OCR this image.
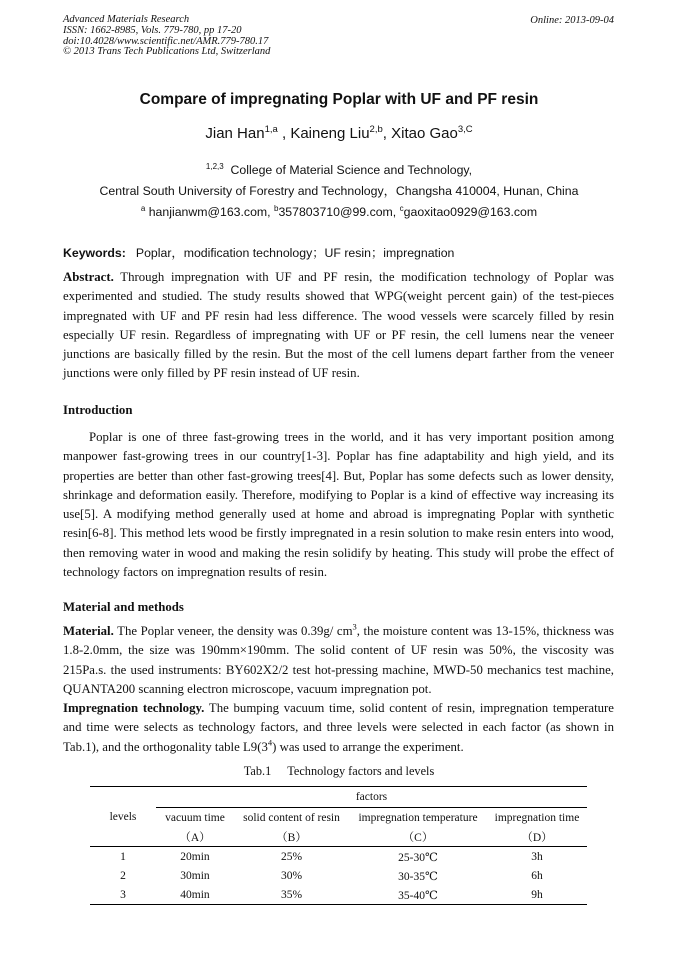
Advanced Materials Research
ISSN: 1662-8985, Vols. 779-780, pp 17-20
doi:10.4028/www.scientific.net/AMR.779-780.17
© 2013 Trans Tech Publications Ltd, Switzerland
Online: 2013-09-04
Compare of impregnating Poplar with UF and PF resin
Jian Han$^{1,a}$ , Kaineng Liu$^{2,b}$, Xitao Gao$^{3,C}$
$^{1,2,3}$ College of Material Science and Technology,
Central South University of Forestry and Technology，Changsha 410004, Hunan, China
$^a$ hanjianwm@163.com, $^b$357803710@99.com, $^c$gaoxitao0929@163.com
Keywords: Poplar，modification technology；UF resin；impregnation
Abstract. Through impregnation with UF and PF resin, the modification technology of Poplar was experimented and studied. The study results showed that WPG(weight percent gain) of the test-pieces impregnated with UF and PF resin had less difference. The wood vessels were scarcely filled by resin especially UF resin. Regardless of impregnating with UF or PF resin, the cell lumens near the veneer junctions are basically filled by the resin. But the most of the cell lumens depart farther from the veneer junctions were only filled by PF resin instead of UF resin.
Introduction
Poplar is one of three fast-growing trees in the world, and it has very important position among manpower fast-growing trees in our country[1-3]. Poplar has fine adaptability and high yield, and its properties are better than other fast-growing trees[4]. But, Poplar has some defects such as lower density, shrinkage and deformation easily. Therefore, modifying to Poplar is a kind of effective way increasing its use[5]. A modifying method generally used at home and abroad is impregnating Poplar with synthetic resin[6-8]. This method lets wood be firstly impregnated in a resin solution to make resin enters into wood, then removing water in wood and making the resin solidify by heating. This study will probe the effect of technology factors on impregnation results of resin.
Material and methods
Material. The Poplar veneer, the density was 0.39g/ $cm^3$, the moisture content was 13-15%, thickness was 1.8-2.0mm, the size was 190mm×190mm. The solid content of UF resin was 50%, the viscosity was 215Pa.s. the used instruments: BY602X2/2 test hot-pressing machine, MWD-50 mechanics test machine, QUANTA200 scanning electron microscope, vacuum impregnation pot.
Impregnation technology. The bumping vacuum time, solid content of resin, impregnation temperature and time were selects as technology factors, and three levels were selected in each factor (as shown in Tab.1), and the orthogonality table $L9(3^4)$ was used to arrange the experiment.
Tab.1 Technology factors and levels
levels	factors			
	vacuum time	solid content of resin	impregnation temperature	impregnation time
	（A）	（B）	（C）	（D）
1	20min	25%	25-30℃	3h
2	30min	30%	30-35℃	6h
3	40min	35%	35-40℃	9h
